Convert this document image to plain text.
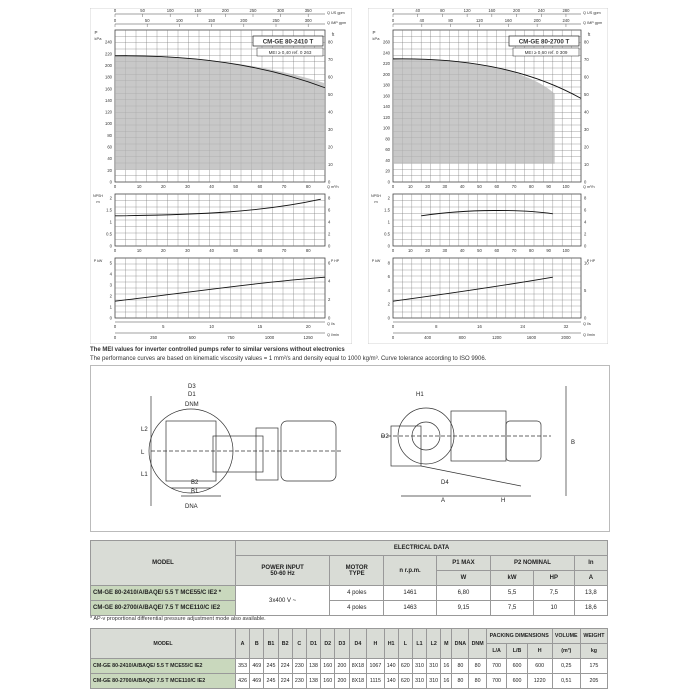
0	50	100	150	200	250	300	350
0	50	100	150	200	250	300
Q US gpm
Q IMP gpm
0
20
40
60
80
100
120
140
160
180
200
220
240
0
10
20
30
40
50
60
70
80
P
kPa
ft
CM-GE 80-2410 T
MEI ≥ 0,40 ref. 0 263
0	10	20	30	40	50	60	70	80	Q m³/h
0
0.5
1
1.5
2
0
2
4
6
8
NPSH
m
0	10	20	30	40	50	60	70	80
0
1
2
3
4
5
0
2
4
6
P kW	P HP
0	5	10	15	20
0	250	500	750	1000	1250
Q l/s
Q l/min
0	40	80	120	160	200	240	280
0	40	80	120	160	200	240
Q US gpm
Q IMP gpm
0
20
40
60
80
100
120
140
160
180
200
220
240
260
0
10
20
30
40
50
60
70
80
P
kPa
ft
CM-GE 80-2700 T
MEI ≥ 0,60 ref. 0 309
0	10	20	30	40	50	60	70	80	90	100	Q m³/h
0
0.5
1
1.5
2
0
2
4
6
8
NPSH
m
0	10	20	30	40	50	60	70	80	90	100
0
2
4
6
8
0
5
10
P kW	P HP
0	8	16	24	32
0	400	800	1200	1600	2000
Q l/s
Q l/min
The MEI values for inverter controlled pumps refer to similar versions without electronics
The performance curves are based on kinematic viscosity values = 1 mm²/s and density equal to 1000 kg/m³. Curve tolerance according to ISO 9906.
D3
D1
DNM
L2
L
L1
DNA
B2
B1
H1
D2
B
D4
A	H
MODEL	ELECTRICAL DATA						
	POWER INPUT
50-60 Hz	MOTOR
TYPE	n r.p.m.	P1 MAX	P2 NOMINAL		In
				W	kW	HP	A
CM-GE 80-2410/A/BAQE/ 5.5 T MCE55/C IE2 *	3x400 V ~	4 poles	1461	6,80	5,5	7,5	13,8
CM-GE 80-2700/A/BAQE/ 7.5 T MCE110/C IE2		4 poles	1463	9,15	7,5	10	18,6
* AP-v proportional differential pressure adjustment mode also available.
MODEL	A	B	B1	B2	C	D1	D2	D3	D4	H	H1	L	L1	L2	M	DNA	DNM	PACKING DIMENSIONS			VOLUME	WEIGHT
																		L/A	L/B	H	(m³)	kg
CM-GE 80-2410/A/BAQE/ 5.5 T MCE55/C IE2	353	469	245	224	230	138	160	200	8X18	1067	140	620	310	310	16	80	80	700	600	600	0,25	175
CM-GE 80-2700/A/BAQE/ 7.5 T MCE110/C IE2	426	469	245	224	230	138	160	200	8X18	1115	140	620	310	310	16	80	80	700	600	1220	0,51	205
